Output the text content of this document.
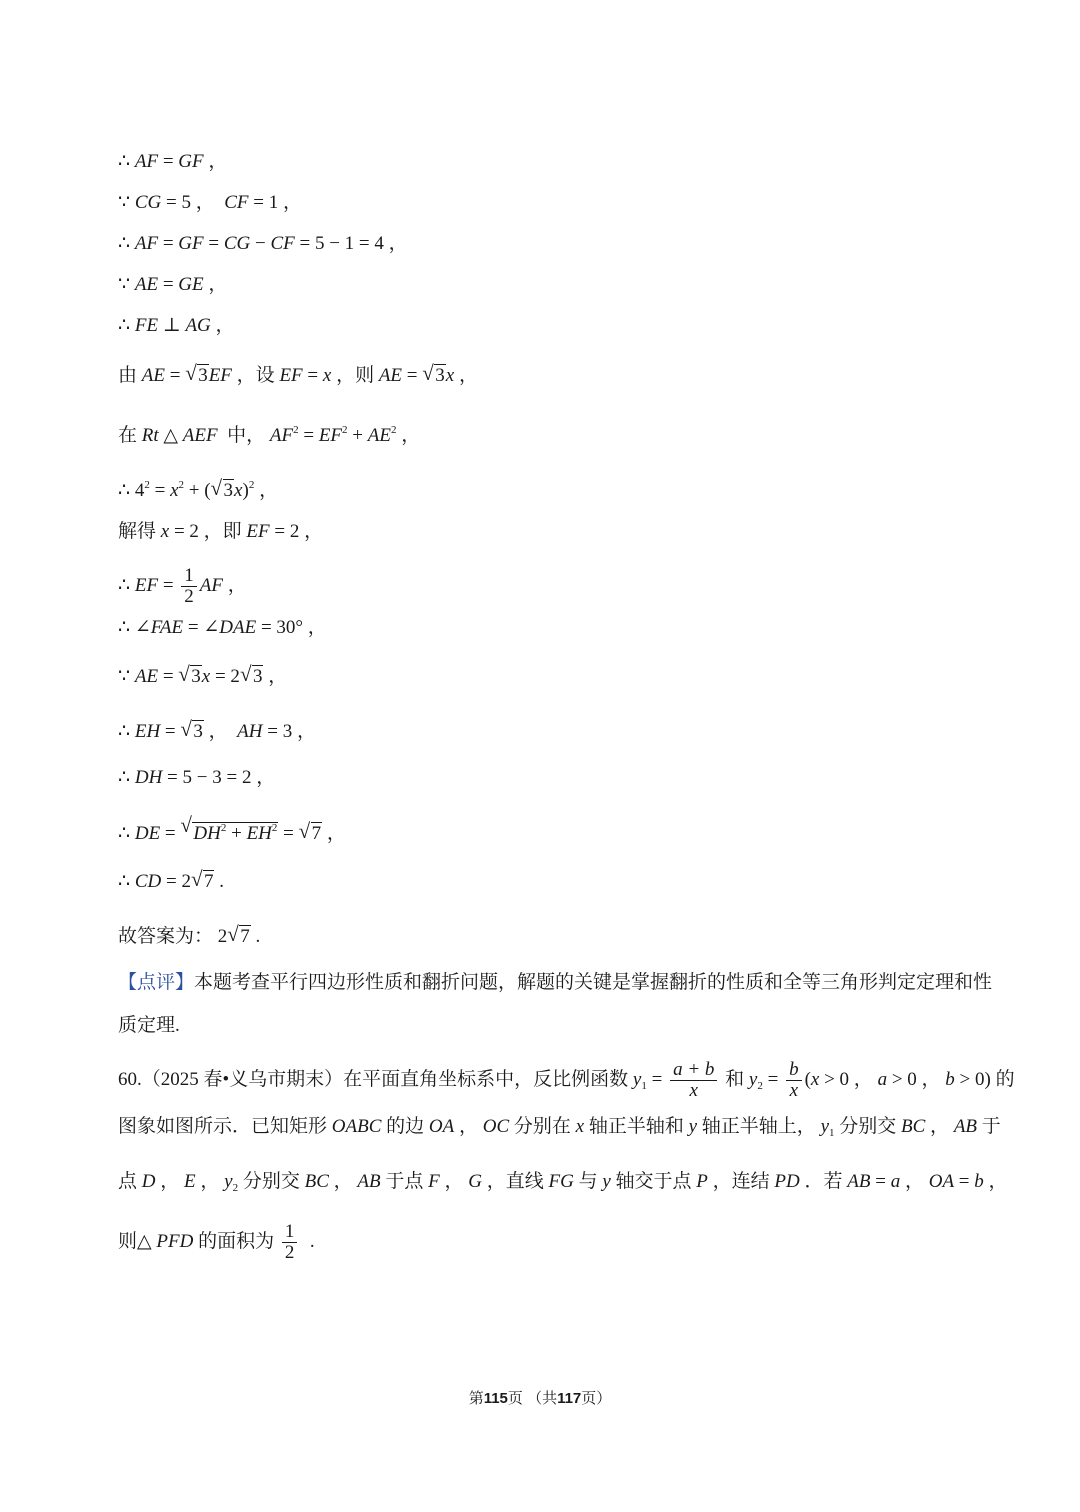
∴ AF = GF ，
∵ CG = 5 ，  CF = 1 ，
∴ AF = GF = CG − CF = 5 − 1 = 4 ，
∵ AE = GE ，
∴ FE ⊥ AG ，
由 AE = √ 3EF ，设 EF = x ，则 AE = √ 3x ，
在 Rt △ AEF  中， $AF^2 = EF^2 + AE^2$ ，
∴ $4^2 = x^2$ + ( √ 3x)$^2$ ，
解得 x = 2 ，即 EF = 2 ，
∴ EF = $\frac{1}{2}$ AF ，
∴ ∠FAE = ∠DAE = 30° ，
∵ AE = √ 3x = 2 √ 3 ，
∴ EH = √ 3 ，  AH = 3 ，
∴ DH = 5 − 3 = 2 ，
∴ DE = √ $DH^2 + EH^2$ = √ 7 ，
∴ CD = 2 √ 7 .
故答案为： 2 √ 7 .
【点评】本题考查平行四边形性质和翻折问题，解题的关键是掌握翻折的性质和全等三角形判定定理和性
质定理.
60.（2025 春•义乌市期末）在平面直角坐标系中，反比例函数 $y_1 = \frac{a + b}{x}$ 和 $y_2 = \frac{b}{x} (x > 0$ ， a > 0 ， b > 0) 的
图象如图所示．已知矩形 OABC 的边 OA ， OC 分别在 x 轴正半轴和 y 轴正半轴上， $y_1$ 分别交 BC ， AB 于
点 D ， E ， $y_2$ 分别交 BC ， AB 于点 F ， G ，直线 FG 与 y 轴交于点 P ，连结 PD ．若 AB = a ， OA = b ，
则△ PFD 的面积为 $\frac{1}{2}$ .
第115页 （共117页）
